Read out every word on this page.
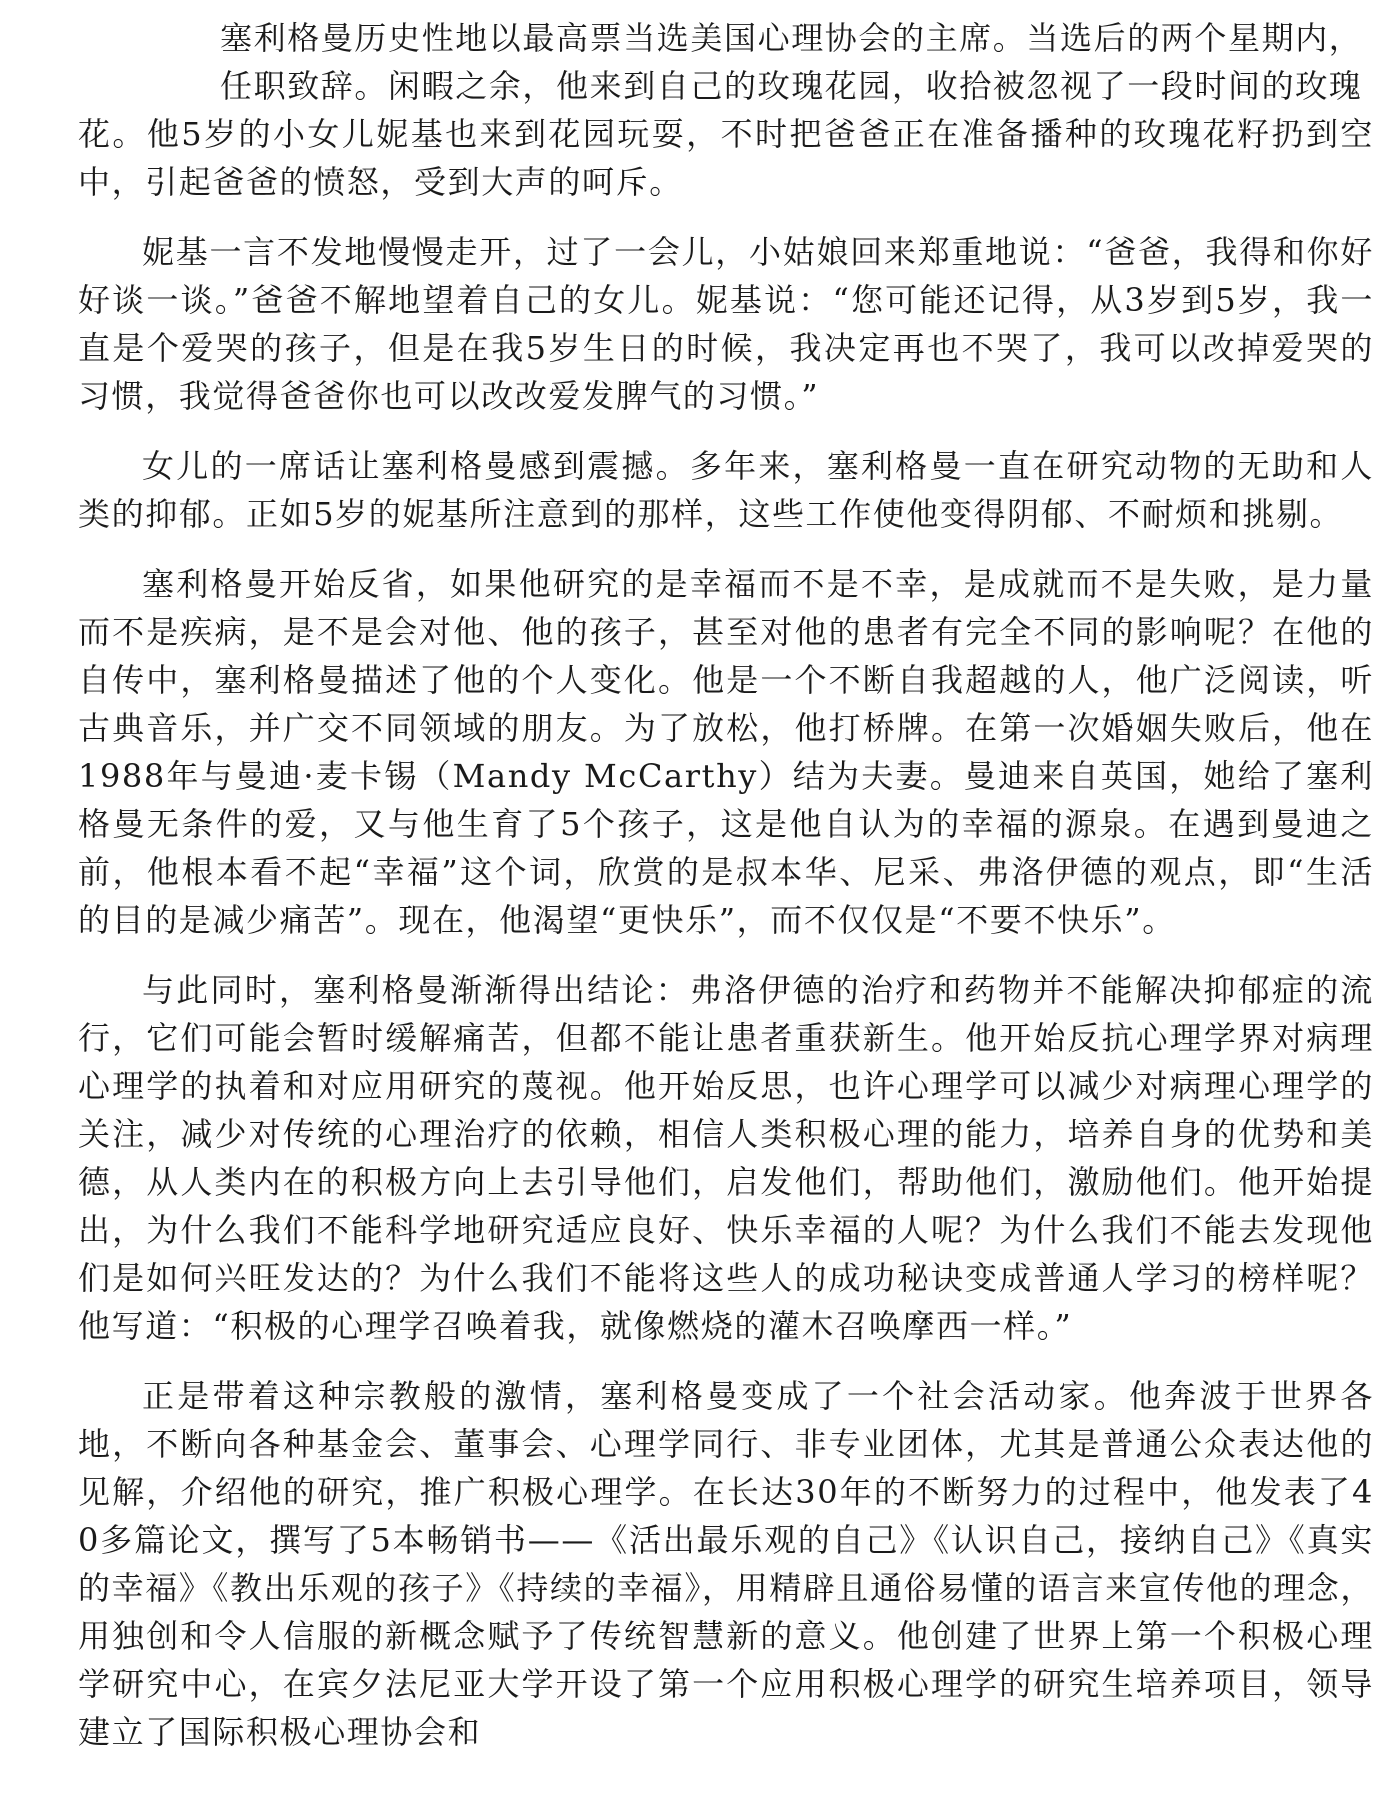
塞利格曼历史性地以最高票当选美国心理协会的主席。当选后的两个星期内，
任职致辞。闲暇之余，他来到自己的玫瑰花园，收拾被忽视了一段时间的玫瑰
花。他5岁的小女儿妮基也来到花园玩耍，不时把爸爸正在准备播种的玫瑰花籽扔到空中，引起爸爸的愤怒，受到大声的呵斥。

妮基一言不发地慢慢走开，过了一会儿，小姑娘回来郑重地说：“爸爸，我得和你好好谈一谈。”爸爸不解地望着自己的女儿。妮基说：“您可能还记得，从3岁到5岁，我一直是个爱哭的孩子，但是在我5岁生日的时候，我决定再也不哭了，我可以改掉爱哭的习惯，我觉得爸爸你也可以改改爱发脾气的习惯。”

女儿的一席话让塞利格曼感到震撼。多年来，塞利格曼一直在研究动物的无助和人类的抑郁。正如5岁的妮基所注意到的那样，这些工作使他变得阴郁、不耐烦和挑剔。

塞利格曼开始反省，如果他研究的是幸福而不是不幸，是成就而不是失败，是力量而不是疾病，是不是会对他、他的孩子，甚至对他的患者有完全不同的影响呢？在他的自传中，塞利格曼描述了他的个人变化。他是一个不断自我超越的人，他广泛阅读，听古典音乐，并广交不同领域的朋友。为了放松，他打桥牌。在第一次婚姻失败后，他在1988年与曼迪·麦卡锡（Mandy McCarthy）结为夫妻。曼迪来自英国，她给了塞利格曼无条件的爱，又与他生育了5个孩子，这是他自认为的幸福的源泉。在遇到曼迪之前，他根本看不起“幸福”这个词，欣赏的是叔本华、尼采、弗洛伊德的观点，即“生活的目的是减少痛苦”。现在，他渴望“更快乐”，而不仅仅是“不要不快乐”。

与此同时，塞利格曼渐渐得出结论：弗洛伊德的治疗和药物并不能解决抑郁症的流行，它们可能会暂时缓解痛苦，但都不能让患者重获新生。他开始反抗心理学界对病理心理学的执着和对应用研究的蔑视。他开始反思，也许心理学可以减少对病理心理学的关注，减少对传统的心理治疗的依赖，相信人类积极心理的能力，培养自身的优势和美德，从人类内在的积极方向上去引导他们，启发他们，帮助他们，激励他们。他开始提出，为什么我们不能科学地研究适应良好、快乐幸福的人呢？为什么我们不能去发现他们是如何兴旺发达的？为什么我们不能将这些人的成功秘诀变成普通人学习的榜样呢？他写道：“积极的心理学召唤着我，就像燃烧的灌木召唤摩西一样。”

正是带着这种宗教般的激情，塞利格曼变成了一个社会活动家。他奔波于世界各地，不断向各种基金会、董事会、心理学同行、非专业团体，尤其是普通公众表达他的见解，介绍他的研究，推广积极心理学。在长达30年的不断努力的过程中，他发表了40多篇论文，撰写了5本畅销书——《活出最乐观的自己》《认识自己，接纳自己》《真实的幸福》《教出乐观的孩子》《持续的幸福》，用精辟且通俗易懂的语言来宣传他的理念，用独创和令人信服的新概念赋予了传统智慧新的意义。他创建了世界上第一个积极心理学研究中心，在宾夕法尼亚大学开设了第一个应用积极心理学的研究生培养项目，领导建立了国际积极心理协会和
